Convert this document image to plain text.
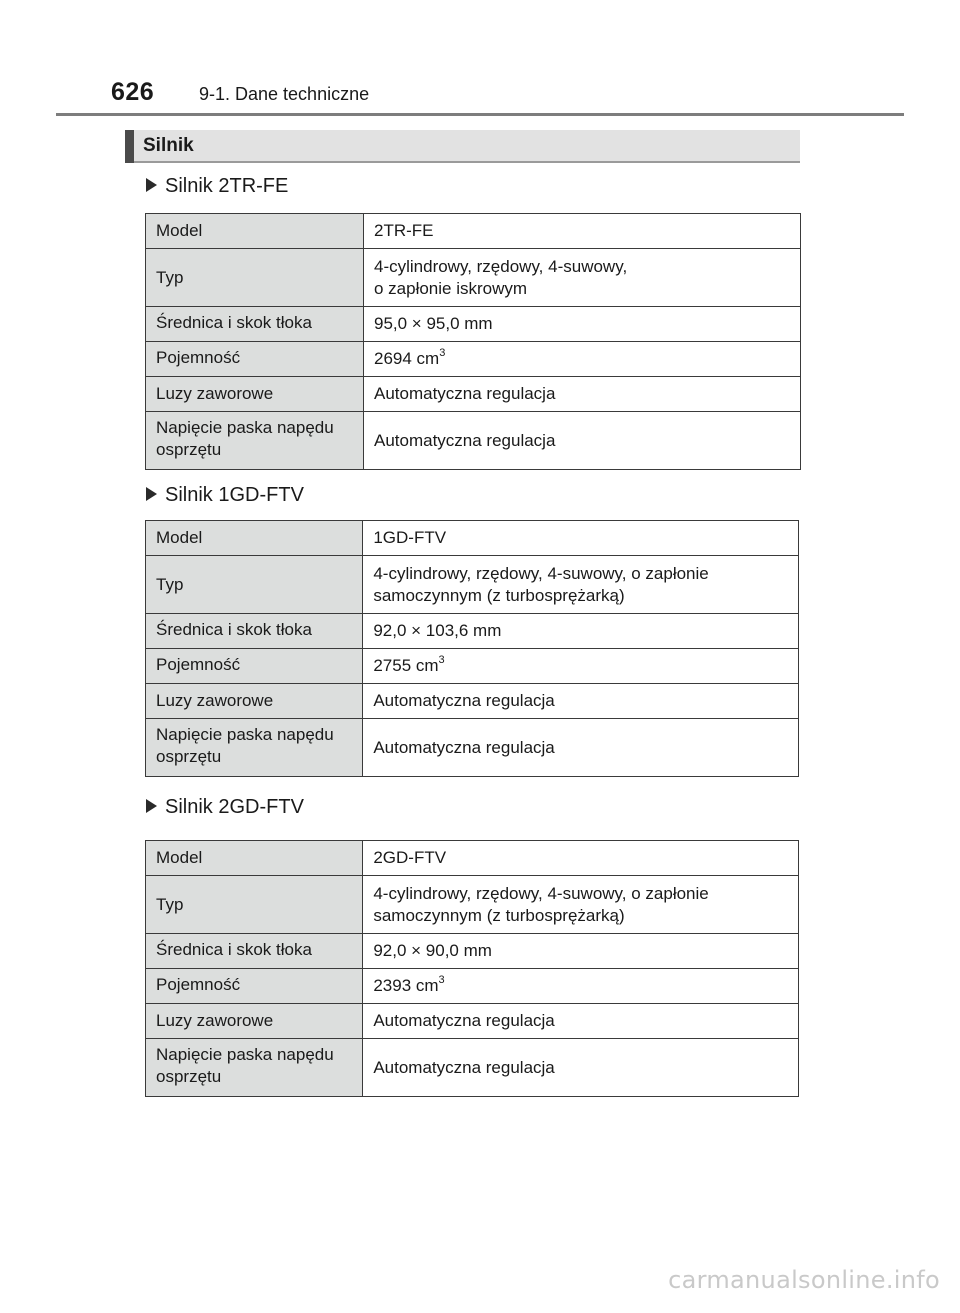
626 9-1. Dane techniczne
Silnik
Silnik 2TR-FE
Model	2TR-FE
Typ	4-cylindrowy, rzędowy, 4-suwowy,
o zapłonie iskrowym
Średnica i skok tłoka	95,0 × 95,0 mm
Pojemność	2694 $cm^3$
Luzy zaworowe	Automatyczna regulacja
Napięcie paska napędu
osprzętu	Automatyczna regulacja
Silnik 1GD-FTV
Model	1GD-FTV
Typ	4-cylindrowy, rzędowy, 4-suwowy, o zapłonie
samoczynnym (z turbosprężarką)
Średnica i skok tłoka	92,0 × 103,6 mm
Pojemność	2755 $cm^3$
Luzy zaworowe	Automatyczna regulacja
Napięcie paska napędu
osprzętu	Automatyczna regulacja
Silnik 2GD-FTV
Model	2GD-FTV
Typ	4-cylindrowy, rzędowy, 4-suwowy, o zapłonie
samoczynnym (z turbosprężarką)
Średnica i skok tłoka	92,0 × 90,0 mm
Pojemność	2393 $cm^3$
Luzy zaworowe	Automatyczna regulacja
Napięcie paska napędu
osprzętu	Automatyczna regulacja
carmanualsonline.info
